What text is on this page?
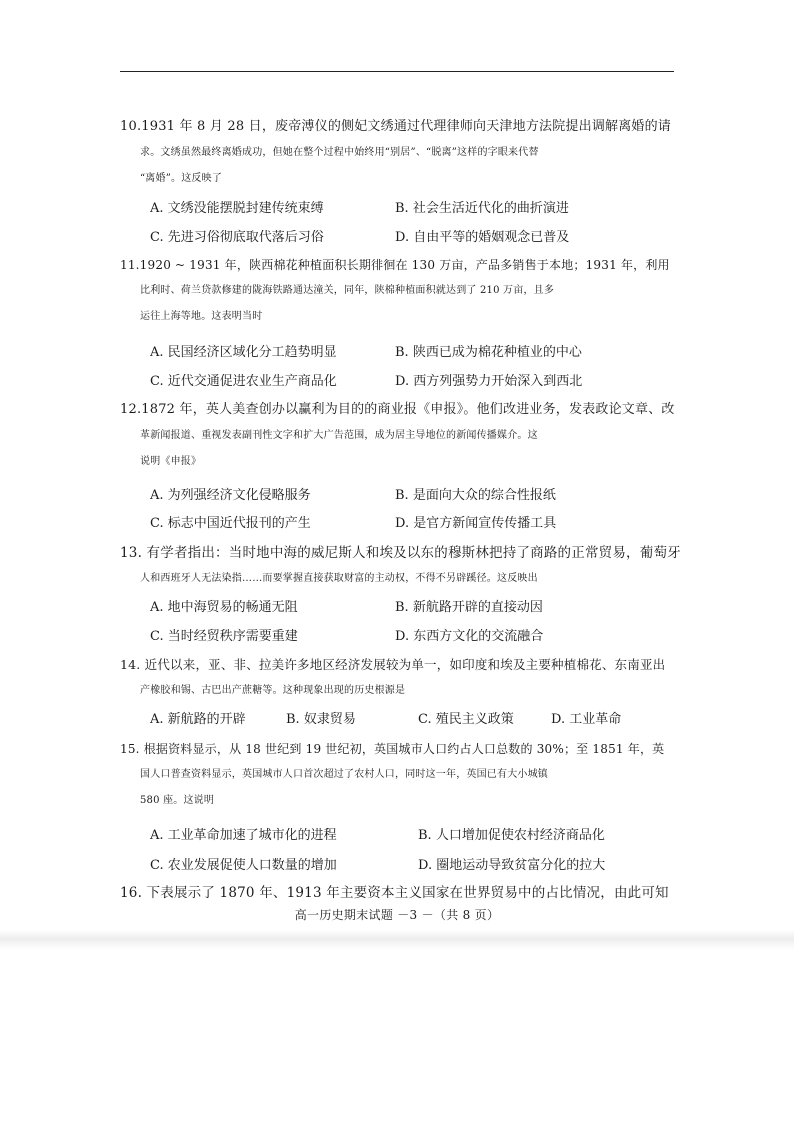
10.1931 年 8 月 28 日，废帝溥仪的侧妃文绣通过代理律师向天津地方法院提出调解离婚的请
求。文绣虽然最终离婚成功，但她在整个过程中始终用“别居”、“脱离”这样的字眼来代替
“离婚”。这反映了
A. 文绣没能摆脱封建传统束缚	B. 社会生活近代化的曲折演进
C. 先进习俗彻底取代落后习俗	D. 自由平等的婚姻观念已普及
11.1920 ~ 1931 年，陕西棉花种植面积长期徘徊在 130 万亩，产品多销售于本地；1931 年，利用
比利时、荷兰贷款修建的陇海铁路通达潼关，同年，陕棉种植面积就达到了 210 万亩，且多
运往上海等地。这表明当时
A. 民国经济区域化分工趋势明显	B. 陕西已成为棉花种植业的中心
C. 近代交通促进农业生产商品化	D. 西方列强势力开始深入到西北
12.1872 年，英人美查创办以赢利为目的的商业报《申报》。他们改进业务，发表政论文章、改
革新闻报道、重视发表副刊性文字和扩大广告范围，成为居主导地位的新闻传播媒介。这
说明《申报》
A. 为列强经济文化侵略服务	B. 是面向大众的综合性报纸
C. 标志中国近代报刊的产生	D. 是官方新闻宣传传播工具
13. 有学者指出：当时地中海的威尼斯人和埃及以东的穆斯林把持了商路的正常贸易，葡萄牙
人和西班牙人无法染指……而要掌握直接获取财富的主动权，不得不另辟蹊径。这反映出
A. 地中海贸易的畅通无阻	B. 新航路开辟的直接动因
C. 当时经贸秩序需要重建	D. 东西方文化的交流融合
14. 近代以来，亚、非、拉美许多地区经济发展较为单一，如印度和埃及主要种植棉花、东南亚出
产橡胶和锡、古巴出产蔗糖等。这种现象出现的历史根源是
A. 新航路的开辟	B. 奴隶贸易	C. 殖民主义政策	D. 工业革命
15. 根据资料显示，从 18 世纪到 19 世纪初，英国城市人口约占人口总数的 30%；至 1851 年，英
国人口普查资料显示，英国城市人口首次超过了农村人口，同时这一年，英国已有大小城镇
580 座。这说明
A. 工业革命加速了城市化的进程	B. 人口增加促使农村经济商品化
C. 农业发展促使人口数量的增加	D. 圈地运动导致贫富分化的拉大
16. 下表展示了 1870 年、1913 年主要资本主义国家在世界贸易中的占比情况，由此可知
高一历史期末试题 －3 －（共 8 页）
